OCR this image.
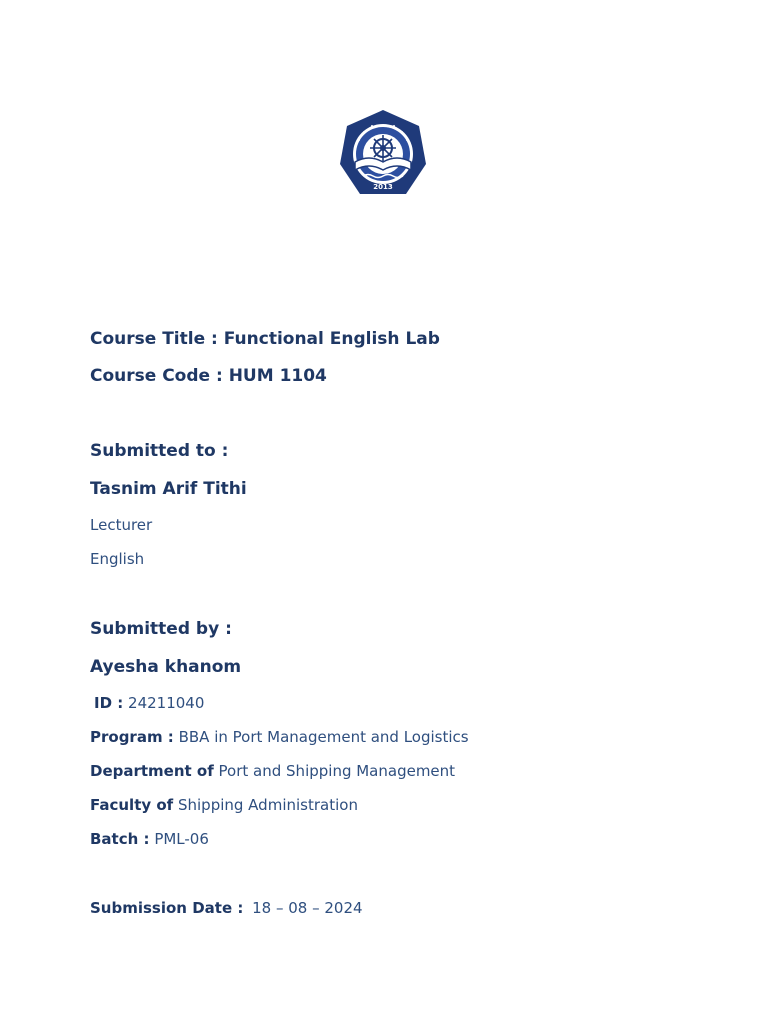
2013
Course Title : Functional English Lab
Course Code : HUM 1104
Submitted to :
Tasnim Arif Tithi
Lecturer
English
Submitted by :
Ayesha khanom
ID : 24211040
Program : BBA in Port Management and Logistics
Department of Port and Shipping Management
Faculty of Shipping Administration
Batch : PML-06
Submission Date : 18 – 08 – 2024
